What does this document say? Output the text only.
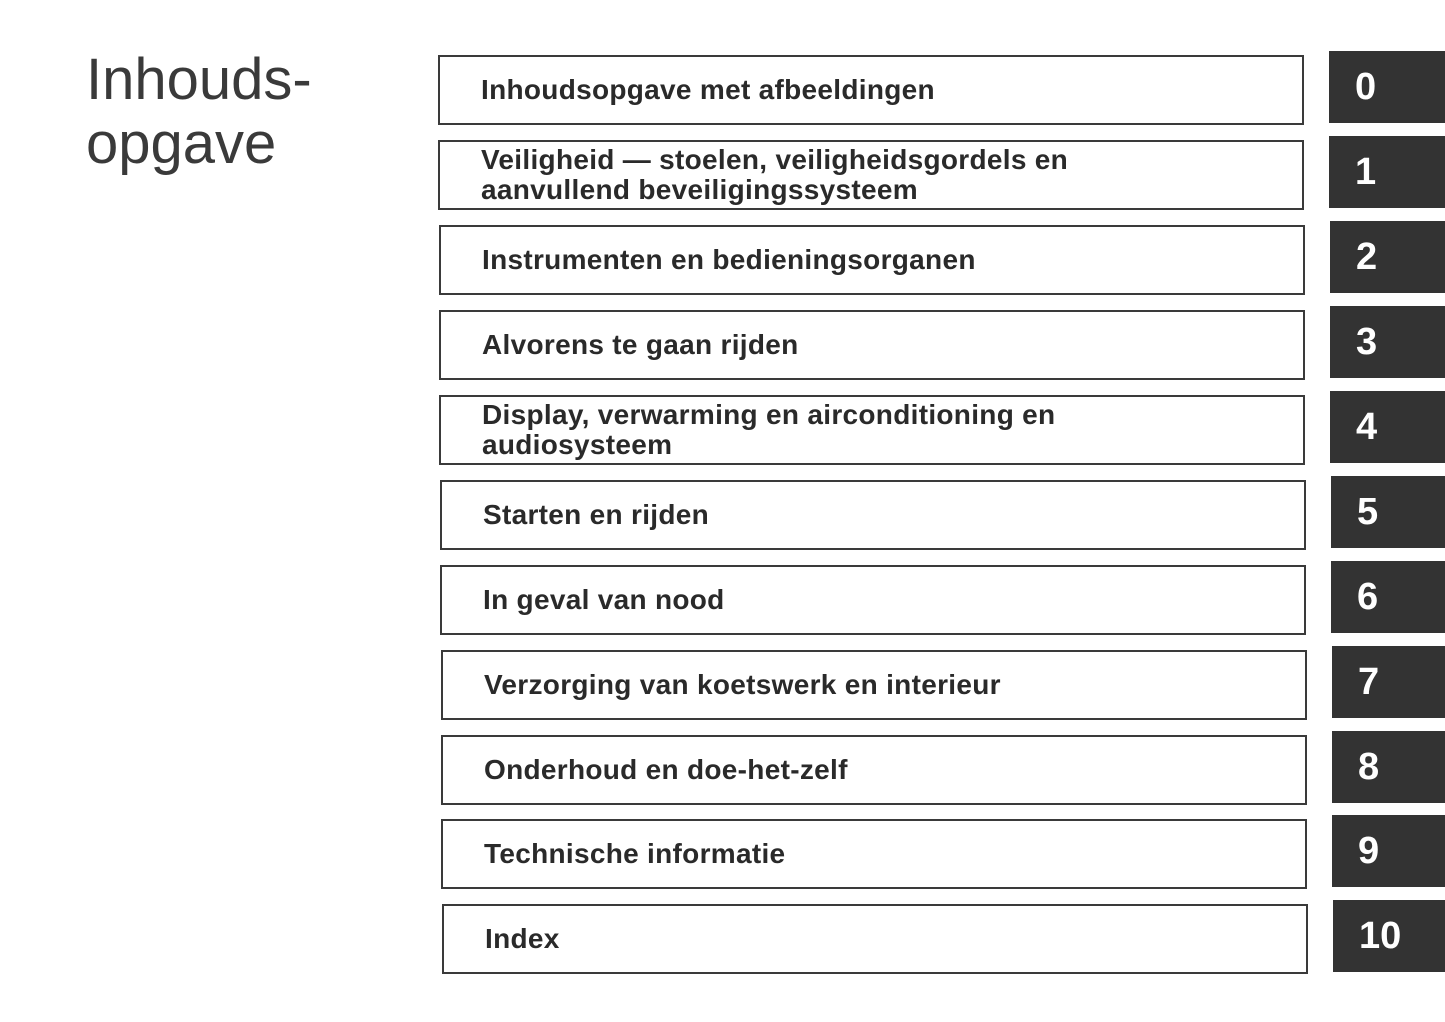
Inhouds-
opgave
Inhoudsopgave met afbeeldingen	0
Veiligheid — stoelen, veiligheidsgordels en
aanvullend beveiligingssysteem	1
Instrumenten en bedieningsorganen	2
Alvorens te gaan rijden	3
Display, verwarming en airconditioning en
audiosysteem	4
Starten en rijden	5
In geval van nood	6
Verzorging van koetswerk en interieur	7
Onderhoud en doe-het-zelf	8
Technische informatie	9
Index	10
